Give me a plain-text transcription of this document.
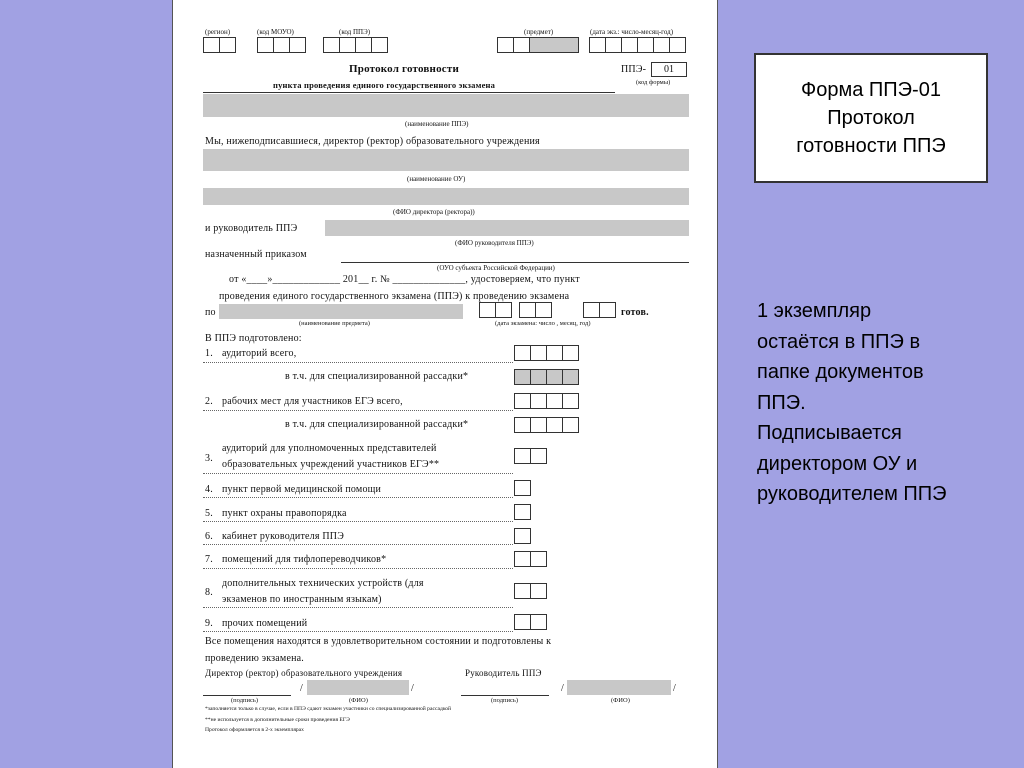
(регион)	(код МОУО)	(код ППЭ)	(предмет)	(дата экз.: число-месяц-год)
Протокол готовности
пункта проведения единого государственного экзамена
ППЭ-	01
(код формы)
(наименование ППЭ)
Мы, нижеподписавшиеся, директор (ректор) образовательного учреждения
(наименование ОУ)
(ФИО директора (ректора))
и руководитель ППЭ
(ФИО руководителя ППЭ)
назначенный приказом
(ОУО субъекта Российской Федерации)
от «____»_____________ 201__ г. № ______________, удостоверяем, что пункт
проведения единого государственного экзамена (ППЭ) к проведению экзамена
по
(наименование предмета)	(дата экзамена: число , месяц, год)
готов.
В ППЭ подготовлено:
1. аудиторий всего,
в т.ч. для специализированной рассадки*
2. рабочих мест для участников ЕГЭ всего,
в т.ч. для специализированной рассадки*
3.
аудиторий для уполномоченных представителей
образовательных учреждений участников ЕГЭ**
4. пункт первой медицинской помощи
5. пункт охраны правопорядка
6. кабинет руководителя ППЭ
7. помещений для тифлопереводчиков*
8.
дополнительных технических устройств (для
экзаменов по иностранным языкам)
9. прочих помещений
Все помещения находятся в удовлетворительном состоянии и подготовлены к
проведению экзамена.
Директор (ректор) образовательного учреждения	Руководитель ППЭ
/	/	/	/
(подпись)	(ФИО)	(подпись)	(ФИО)
*заполняется только в случае, если в ППЭ сдают экзамен участники со специализированной рассадкой
**не используется в дополнительные сроки проведения ЕГЭ
Протокол оформляется в 2-х экземплярах
Форма ППЭ-01
Протокол
готовности ППЭ
1 экземпляр
остаётся в ППЭ в
папке документов
ППЭ.
Подписывается
директором ОУ и
руководителем ППЭ
